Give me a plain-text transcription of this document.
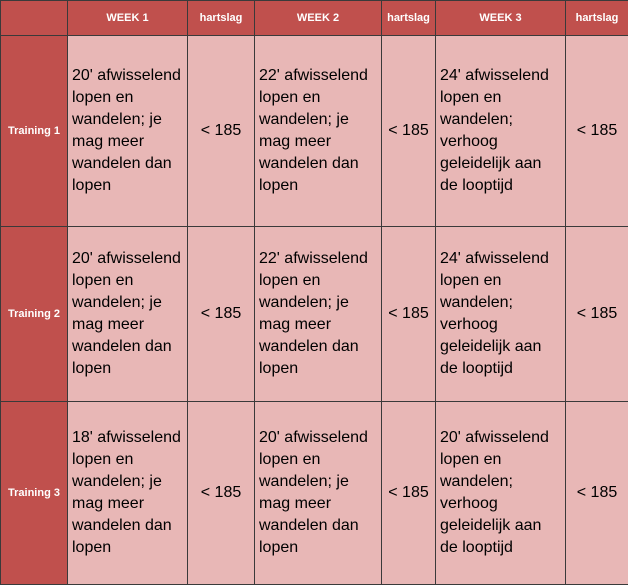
	WEEK 1	hartslag	WEEK 2	hartslag	WEEK 3	hartslag
Training 1	20' afwisselend lopen en wandelen; je mag meer wandelen dan lopen	< 185	22' afwisselend lopen en wandelen; je mag meer wandelen dan lopen	< 185	24' afwisselend lopen en wandelen; verhoog geleidelijk aan de looptijd	< 185
Training 2	20' afwisselend lopen en wandelen; je mag meer wandelen dan lopen	< 185	22' afwisselend lopen en wandelen; je mag meer wandelen dan lopen	< 185	24' afwisselend lopen en wandelen; verhoog geleidelijk aan de looptijd	< 185
Training 3	18' afwisselend lopen en wandelen; je mag meer wandelen dan lopen	< 185	20' afwisselend lopen en wandelen; je mag meer wandelen dan lopen	< 185	20' afwisselend lopen en wandelen; verhoog geleidelijk aan de looptijd	< 185
